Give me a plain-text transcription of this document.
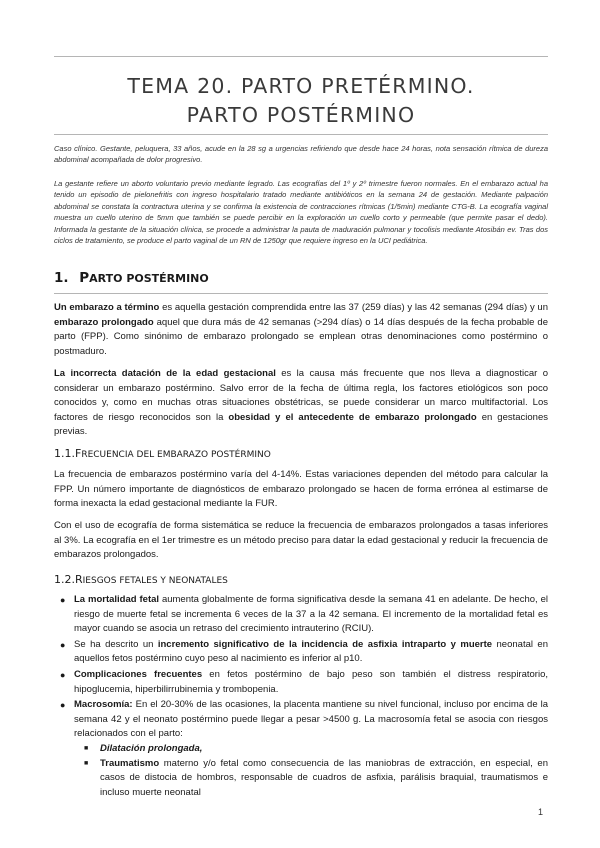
TEMA 20. PARTO PRETÉRMINO.
PARTO POSTÉRMINO
Caso clínico. Gestante, peluquera, 33 años, acude en la 28 sg a urgencias refiriendo que desde hace 24 horas, nota sensación rítmica de dureza abdominal acompañada de dolor progresivo.
La gestante refiere un aborto voluntario previo mediante legrado. Las ecografías del 1º y 2º trimestre fueron normales. En el embarazo actual ha tenido un episodio de pielonefritis con ingreso hospitalario tratado mediante antibióticos en la semana 24 de gestación. Mediante palpación abdominal se constata la contractura uterina y se confirma la existencia de contracciones rítmicas (1/5min) mediante CTG-B. La ecografía vaginal muestra un cuello uterino de 5mm que también se puede percibir en la exploración un cuello corto y permeable (que permite pasar el dedo). Informada la gestante de la situación clínica, se procede a administrar la pauta de maduración pulmonar y tocolisis mediante Atosibán ev. Tras dos ciclos de tratamiento, se produce el parto vaginal de un RN de 1250gr que requiere ingreso en la UCI pediátrica.
1. PARTO POSTÉRMINO
Un embarazo a término es aquella gestación comprendida entre las 37 (259 días) y las 42 semanas (294 días) y un embarazo prolongado aquel que dura más de 42 semanas (>294 días) o 14 días después de la fecha probable de parto (FPP). Como sinónimo de embarazo prolongado se emplean otras denominaciones como postérmino o postmaduro.
La incorrecta datación de la edad gestacional es la causa más frecuente que nos lleva a diagnosticar o considerar un embarazo postérmino. Salvo error de la fecha de última regla, los factores etiológicos son poco conocidos y, como en muchas otras situaciones obstétricas, se puede considerar un marco multifactorial. Los factores de riesgo reconocidos son la obesidad y el antecedente de embarazo prolongado en gestaciones previas.
1.1.FRECUENCIA DEL EMBARAZO POSTÉRMINO
La frecuencia de embarazos postérmino varía del 4-14%. Estas variaciones dependen del método para calcular la FPP. Un número importante de diagnósticos de embarazo prolongado se hacen de forma errónea al estimarse de forma inexacta la edad gestacional mediante la FUR.
Con el uso de ecografía de forma sistemática se reduce la frecuencia de embarazos prolongados a tasas inferiores al 3%. La ecografía en el 1er trimestre es un método preciso para datar la edad gestacional y reducir la frecuencia de embarazos prolongados.
1.2.RIESGOS FETALES Y NEONATALES
● La mortalidad fetal aumenta globalmente de forma significativa desde la semana 41 en adelante. De hecho, el riesgo de muerte fetal se incrementa 6 veces de la 37 a la 42 semana. El incremento de la mortalidad fetal es mayor cuando se asocia un retraso del crecimiento intrauterino (RCIU).
● Se ha descrito un incremento significativo de la incidencia de asfixia intraparto y muerte neonatal en aquellos fetos postérmino cuyo peso al nacimiento es inferior al p10.
● Complicaciones frecuentes en fetos postérmino de bajo peso son también el distress respiratorio, hipoglucemia, hiperbilirrubinemia y trombopenia.
● Macrosomía: En el 20-30% de las ocasiones, la placenta mantiene su nivel funcional, incluso por encima de la semana 42 y el neonato postérmino puede llegar a pesar >4500 g. La macrosomía fetal se asocia con riesgos relacionados con el parto:
■ Dilatación prolongada,
■ Traumatismo materno y/o fetal como consecuencia de las maniobras de extracción, en especial, en casos de distocia de hombros, responsable de cuadros de asfixia, parálisis braquial, traumatismos e incluso muerte neonatal
1
